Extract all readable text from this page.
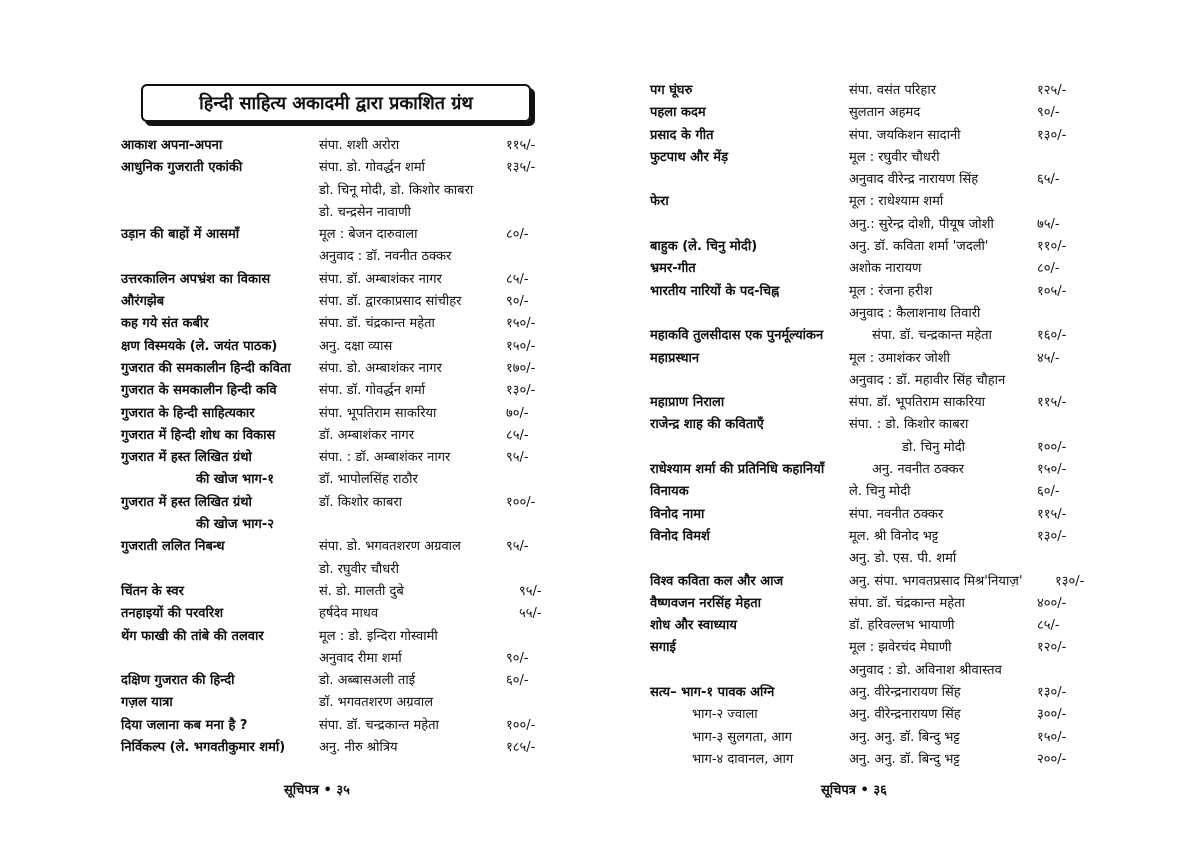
हिन्दी साहित्य अकादमी द्वारा प्रकाशित ग्रंथ
आकाश अपना-अपना	संपा. शशी अरोरा	११५/-
आधुनिक गुजराती एकांकी	संपा. डो. गोवर्द्धन शर्मा	१३५/-
डो. चिनू मोदी, डो. किशोर काबरा
डो. चन्द्रसेन नावाणी
उड़ान की बाहों में आसमाँ	मूल : बेजन दारुवाला	८०/-
अनुवाद : डॉ. नवनीत ठक्कर
उत्तरकालिन अपभ्रंश का विकास	संपा. डॉ. अम्बाशंकर नागर	८५/-
औरंगझेब	संपा. डॉ. द्वारकाप्रसाद सांचीहर	९०/-
कह गये संत कबीर	संपा. डॉ. चंद्रकान्त महेता	१५०/-
क्षण विस्मयके (ले. जयंत पाठक)	अनु. दक्षा व्यास	१५०/-
गुजरात की समकालीन हिन्दी कविता संपा. डो. अम्बाशंकर नागर	१७०/-
गुजरात के समकालीन हिन्दी कवि	संपा. डॉ. गोवर्द्धन शर्मा	१३०/-
गुजरात के हिन्दी साहित्यकार	संपा. भूपतिराम साकरिया	७०/-
गुजरात में हिन्दी शोध का विकास	डॉ. अम्बाशंकर नागर	८५/-
गुजरात में हस्त लिखित ग्रंथो	संपा. : डॉ. अम्बाशंकर नागर	९५/-
की खोज भाग-१	डॉ. भापोलसिंह राठौर
गुजरात में हस्त लिखित ग्रंथो	डॉ. किशोर काबरा	१००/-
की खोज भाग-२
गुजराती ललित निबन्ध	संपा. डो. भगवतशरण अग्रवाल	९५/-
डो. रघुवीर चौधरी
चिंतन के स्वर	सं. डो. मालती दुबे	९५/-
तनहाइयों की परवरिश	हर्षदेव माधव	५५/-
थेंग फाखी की तांबे की तलवार	मूल : डो. इन्दिरा गोस्वामी
अनुवाद रीमा शर्मा	९०/-
दक्षिण गुजरात की हिन्दी	डो. अब्बासअली ताई	६०/-
गज़ल यात्रा	डॉ. भगवतशरण अग्रवाल
दिया जलाना कब मना है ?	संपा. डॉ. चन्द्रकान्त महेता	१००/-
निर्विकल्प (ले. भगवतीकुमार शर्मा)	अनु. नीरु श्रोत्रिय	१८५/-
सूचिपत्र • ३५
पग घूंघरु	संपा. वसंत परिहार	१२५/-
पहला कदम	सुलतान अहमद	९०/-
प्रसाद के गीत	संपा. जयकिशन सादानी	१३०/-
फुटपाथ और मेंड़	मूल : रघुवीर चौधरी
अनुवाद वीरेन्द्र नारायण सिंह	६५/-
फेरा	मूल : राधेश्याम शर्मा
अनु.: सुरेन्द्र दोशी, पीयूष जोशी	७५/-
बाहुक (ले. चिनु मोदी)	अनु. डॉ. कविता शर्मा 'जदली'	११०/-
भ्रमर-गीत	अशोक नारायण	८०/-
भारतीय नारियों के पद-चिह्न	मूल : रंजना हरीश	१०५/-
अनुवाद : कैलाशनाथ तिवारी
महाकवि तुलसीदास एक पुनर्मूल्यांकन	संपा. डॉ. चन्द्रकान्त महेता	१६०/-
महाप्रस्थान	मूल : उमाशंकर जोशी	४५/-
अनुवाद : डॉ. महावीर सिंह चौहान
महाप्राण निराला	संपा. डॉ. भूपतिराम साकरिया	११५/-
राजेन्द्र शाह की कविताएँ	संपा. : डो. किशोर काबरा
डो. चिनु मोदी	१००/-
राधेश्याम शर्मा की प्रतिनिधि कहानियाँ	अनु. नवनीत ठक्कर	१५०/-
विनायक	ले. चिनु मोदी	६०/-
विनोद नामा	संपा. नवनीत ठक्कर	११५/-
विनोद विमर्श	मूल. श्री विनोद भट्ट	१३०/-
अनु. डो. एस. पी. शर्मा
विश्व कविता कल और आज	अनु. संपा. भगवतप्रसाद मिश्र'नियाज़' १३०/-
वैष्णवजन नरसिंह मेहता	संपा. डॉ. चंद्रकान्त महेता	४००/-
शोध और स्वाध्याय	डॉ. हरिवल्लभ भायाणी	८५/-
सगाई	मूल : झवेरचंद मेघाणी	१२०/-
अनुवाद : डो. अविनाश श्रीवास्तव
सत्य– भाग-१ पावक अग्नि	अनु. वीरेन्द्रनारायण सिंह	१३०/-
भाग-२ ज्वाला	अनु. वीरेन्द्रनारायण सिंह	३००/-
भाग-३ सुलगता, आग	अनु. अनु. डॉ. बिन्दु भट्ट	१५०/-
भाग-४ दावानल, आग	अनु. अनु. डॉ. बिन्दु भट्ट	२००/-
सूचिपत्र • ३६
